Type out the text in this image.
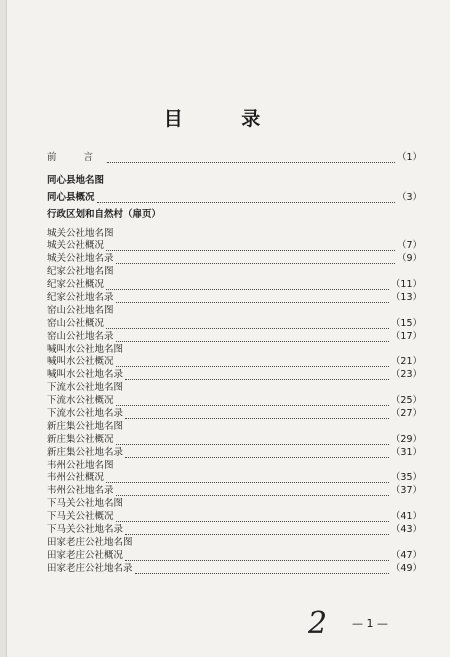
目 录
前 言	（1）
同心县地名图
同心县概况	（3）
行政区划和自然村（扉页）
城关公社地名图
城关公社概况	（7）
城关公社地名录	（9）
纪家公社地名图
纪家公社概况	（11）
纪家公社地名录	（13）
窑山公社地名图
窑山公社概况	（15）
窑山公社地名录	（17）
喊叫水公社地名图
喊叫水公社概况	（21）
喊叫水公社地名录	（23）
下流水公社地名图
下流水公社概况	（25）
下流水公社地名录	（27）
新庄集公社地名图
新庄集公社概况	（29）
新庄集公社地名录	（31）
韦州公社地名图
韦州公社概况	（35）
韦州公社地名录	（37）
下马关公社地名图
下马关公社概况	（41）
下马关公社地名录	（43）
田家老庄公社地名图
田家老庄公社概况	（47）
田家老庄公社地名录	（49）
2 — 1 —
